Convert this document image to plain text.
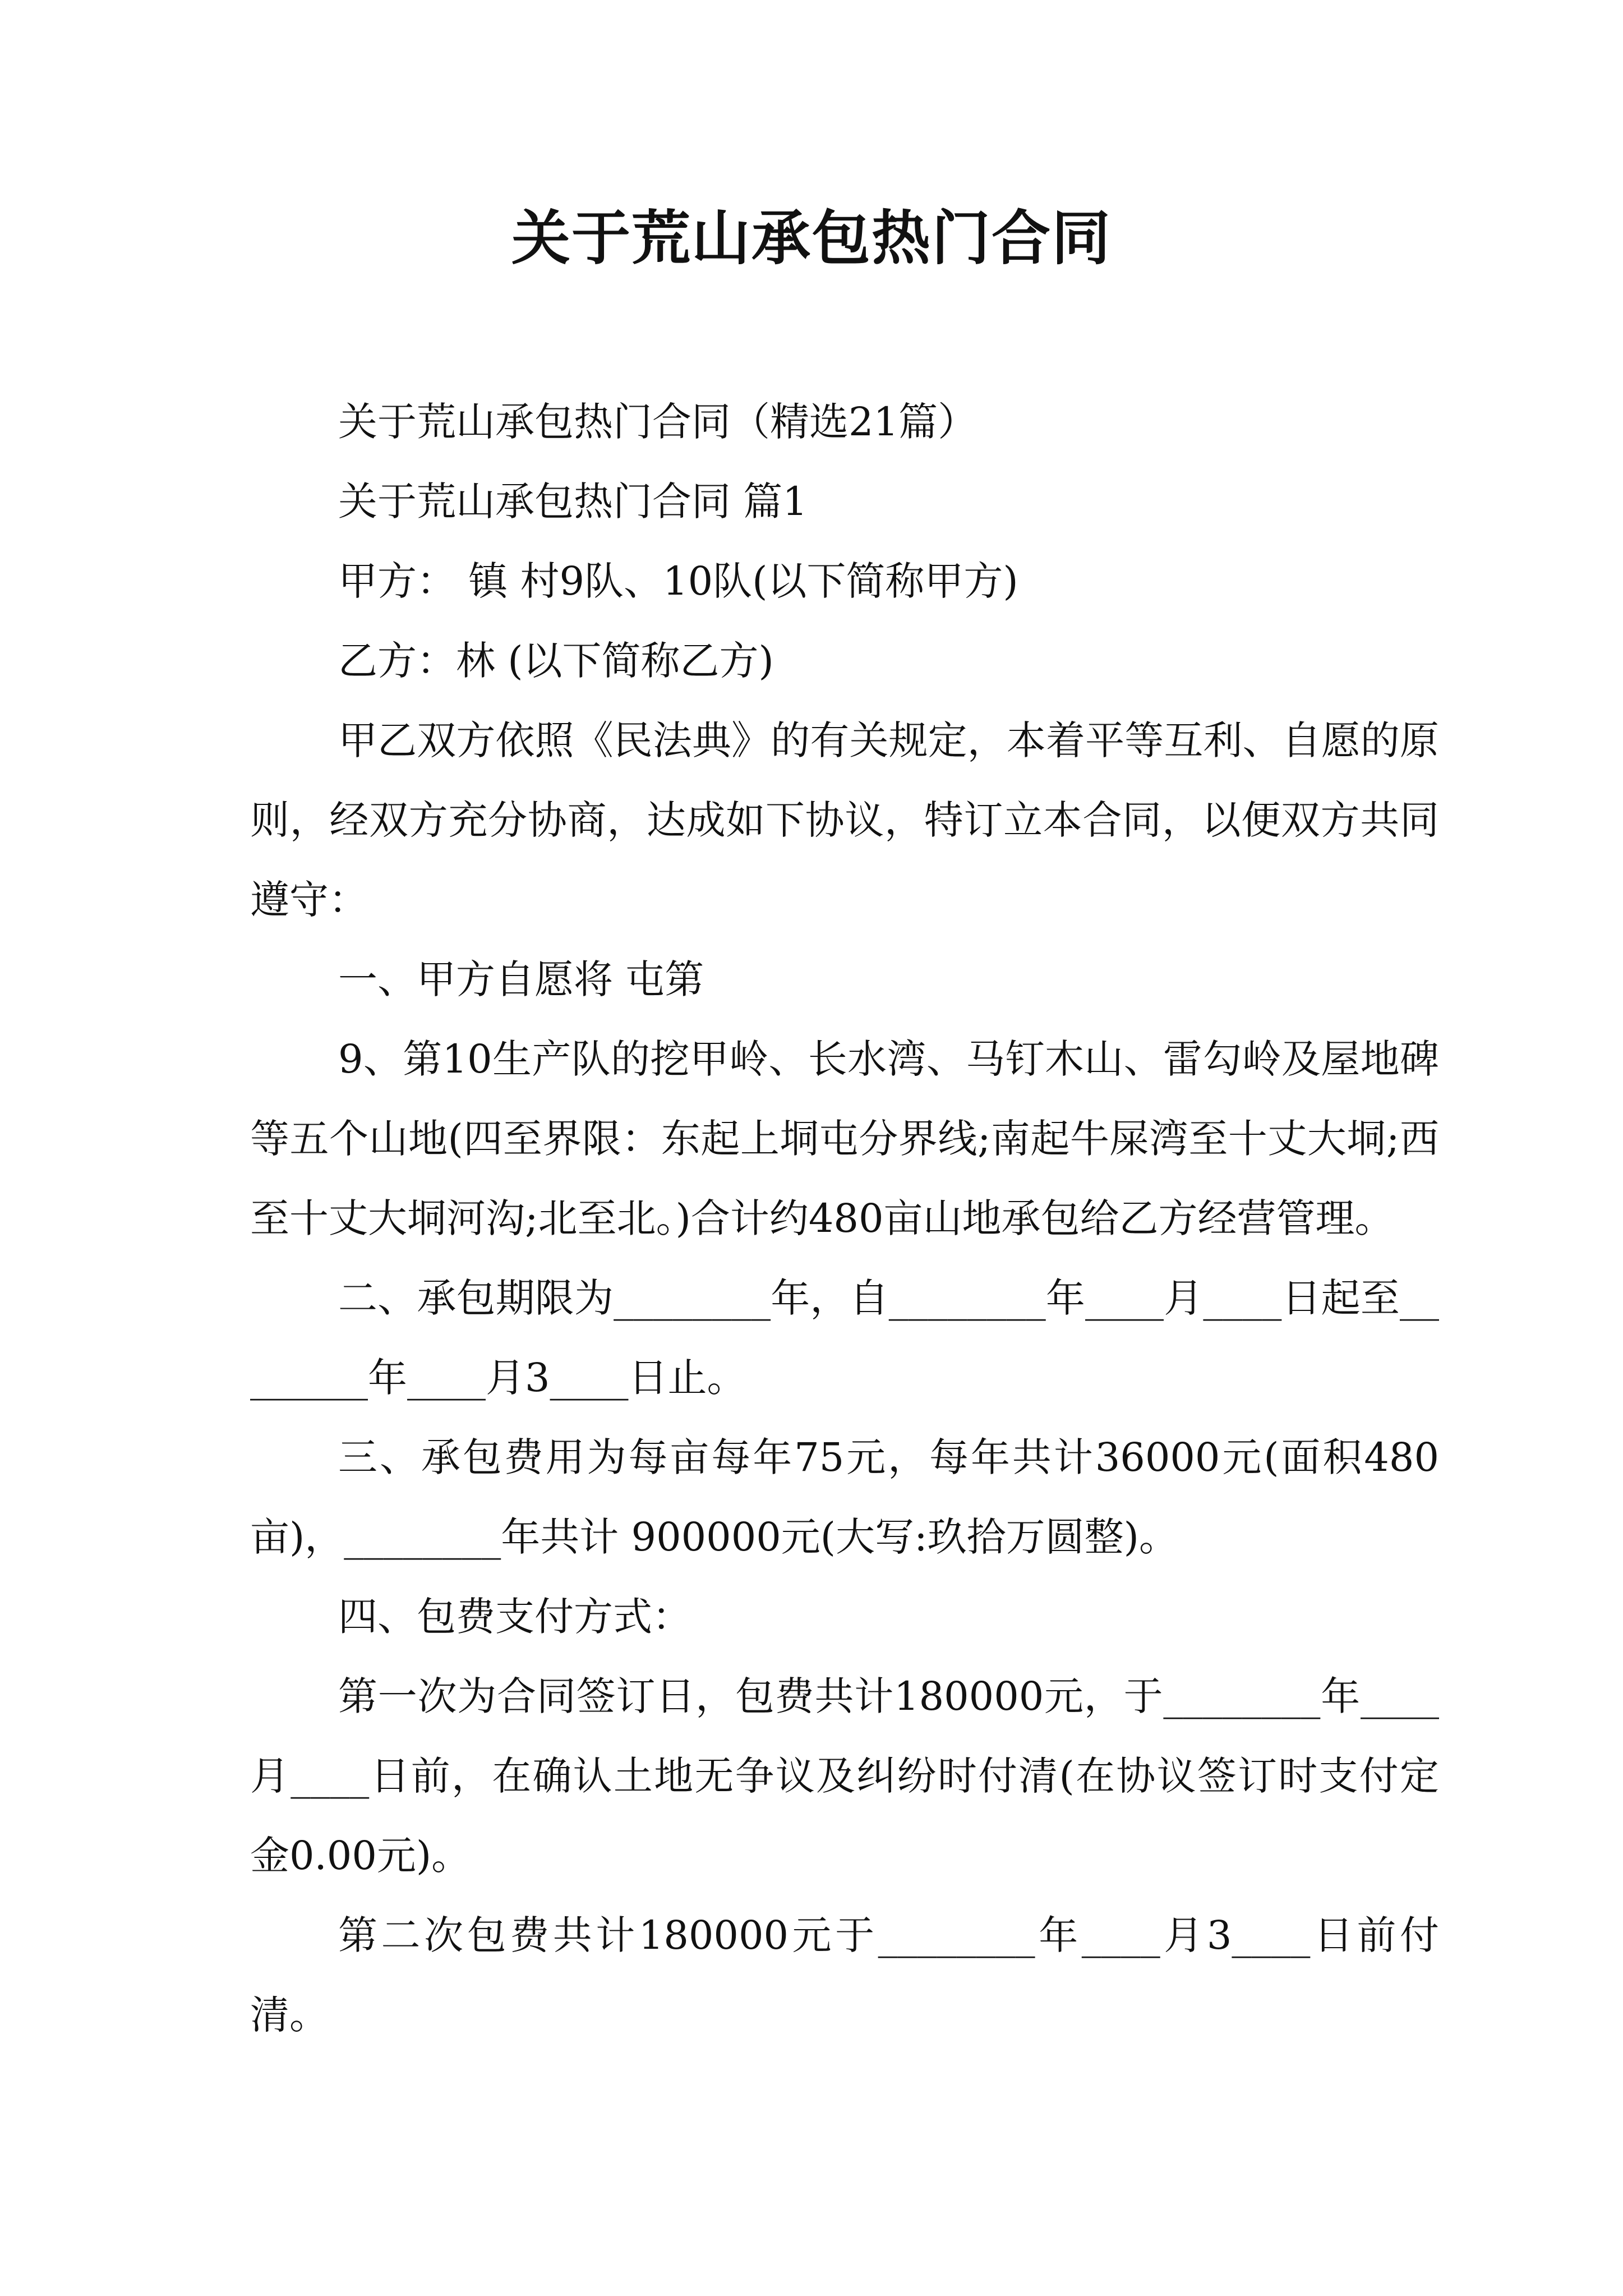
关于荒山承包热门合同

关于荒山承包热门合同（精选21篇）

关于荒山承包热门合同 篇1

甲方： 镇 村9队、10队(以下简称甲方)

乙方：林 (以下简称乙方)

甲乙双方依照《民法典》的有关规定，本着平等互利、自愿的原则，经双方充分协商，达成如下协议，特订立本合同，以便双方共同遵守：

一、甲方自愿将 屯第

9、第10生产队的挖甲岭、长水湾、马钉木山、雷勾岭及屋地碑等五个山地(四至界限：东起上垌屯分界线;南起牛屎湾至十丈大垌;西至十丈大垌河沟;北至北。)合计约480亩山地承包给乙方经营管理。

二、承包期限为________年，自________年____月____日起至________年____月3____日止。

三、承包费用为每亩每年75元，每年共计36000元(面积480亩)，________年共计 900000元(大写:玖拾万圆整)。

四、包费支付方式：

第一次为合同签订日，包费共计180000元，于________年____月____日前，在确认土地无争议及纠纷时付清(在协议签订时支付定金0.00元)。

第二次包费共计180000元于________年____月3____日前付清。
